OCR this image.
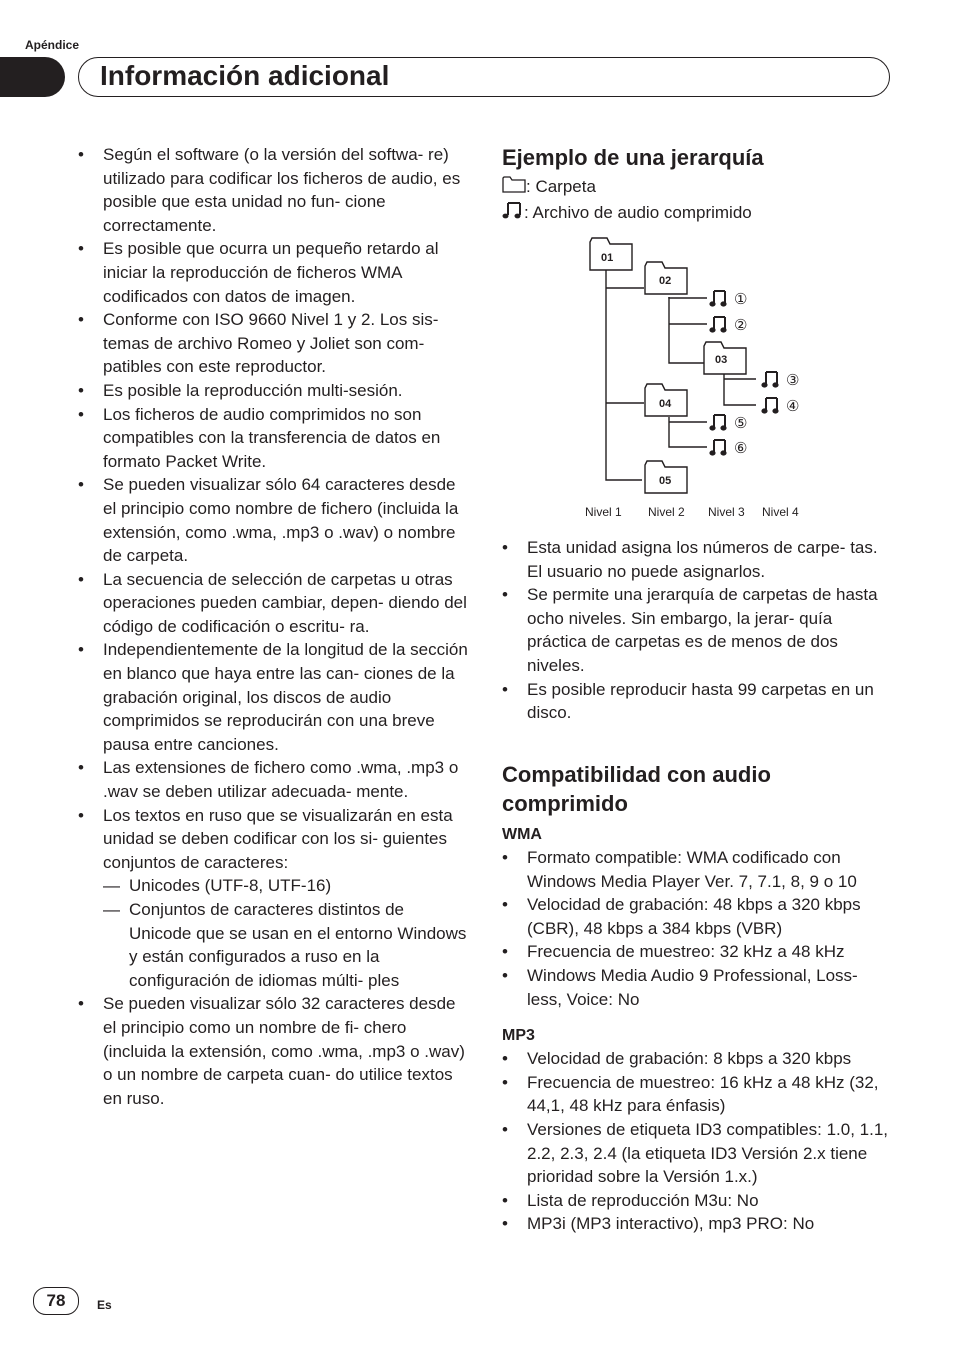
Apéndice
Información adicional
• Según el software (o la versión del softwa- re) utilizado para codificar los ficheros de audio, es posible que esta unidad no fun- cione correctamente.
• Es posible que ocurra un pequeño retardo al iniciar la reproducción de ficheros WMA codificados con datos de imagen.
• Conforme con ISO 9660 Nivel 1 y 2. Los sis- temas de archivo Romeo y Joliet son com- patibles con este reproductor.
• Es posible la reproducción multi-sesión.
• Los ficheros de audio comprimidos no son compatibles con la transferencia de datos en formato Packet Write.
• Se pueden visualizar sólo 64 caracteres desde el principio como nombre de fichero (incluida la extensión, como .wma, .mp3 o .wav) o nombre de carpeta.
• La secuencia de selección de carpetas u otras operaciones pueden cambiar, depen- diendo del código de codificación o escritu- ra.
• Independientemente de la longitud de la sección en blanco que haya entre las can- ciones de la grabación original, los discos de audio comprimidos se reproducirán con una breve pausa entre canciones.
• Las extensiones de fichero como .wma, .mp3 o .wav se deben utilizar adecuada- mente.
• Los textos en ruso que se visualizarán en esta unidad se deben codificar con los si- guientes conjuntos de caracteres:
— Unicodes (UTF-8, UTF-16)
— Conjuntos de caracteres distintos de Unicode que se usan en el entorno Windows y están configurados a ruso en la configuración de idiomas múlti- ples
• Se pueden visualizar sólo 32 caracteres desde el principio como un nombre de fi- chero (incluida la extensión, como .wma, .mp3 o .wav) o un nombre de carpeta cuan- do utilice textos en ruso.
Ejemplo de una jerarquía
: Carpeta
: Archivo de audio comprimido
01
02
03
04
05
①
②
③
④
⑤
⑥
Nivel 1 Nivel 2 Nivel 3 Nivel 4
• Esta unidad asigna los números de carpe- tas. El usuario no puede asignarlos.
• Se permite una jerarquía de carpetas de hasta ocho niveles. Sin embargo, la jerar- quía práctica de carpetas es de menos de dos niveles.
• Es posible reproducir hasta 99 carpetas en un disco.
Compatibilidad con audio comprimido
WMA
• Formato compatible: WMA codificado con Windows Media Player Ver. 7, 7.1, 8, 9 o 10
• Velocidad de grabación: 48 kbps a 320 kbps (CBR), 48 kbps a 384 kbps (VBR)
• Frecuencia de muestreo: 32 kHz a 48 kHz
• Windows Media Audio 9 Professional, Loss- less, Voice: No
MP3
• Velocidad de grabación: 8 kbps a 320 kbps
• Frecuencia de muestreo: 16 kHz a 48 kHz (32, 44,1, 48 kHz para énfasis)
• Versiones de etiqueta ID3 compatibles: 1.0, 1.1, 2.2, 2.3, 2.4 (la etiqueta ID3 Versión 2.x tiene prioridad sobre la Versión 1.x.)
• Lista de reproducción M3u: No
• MP3i (MP3 interactivo), mp3 PRO: No
78	Es
